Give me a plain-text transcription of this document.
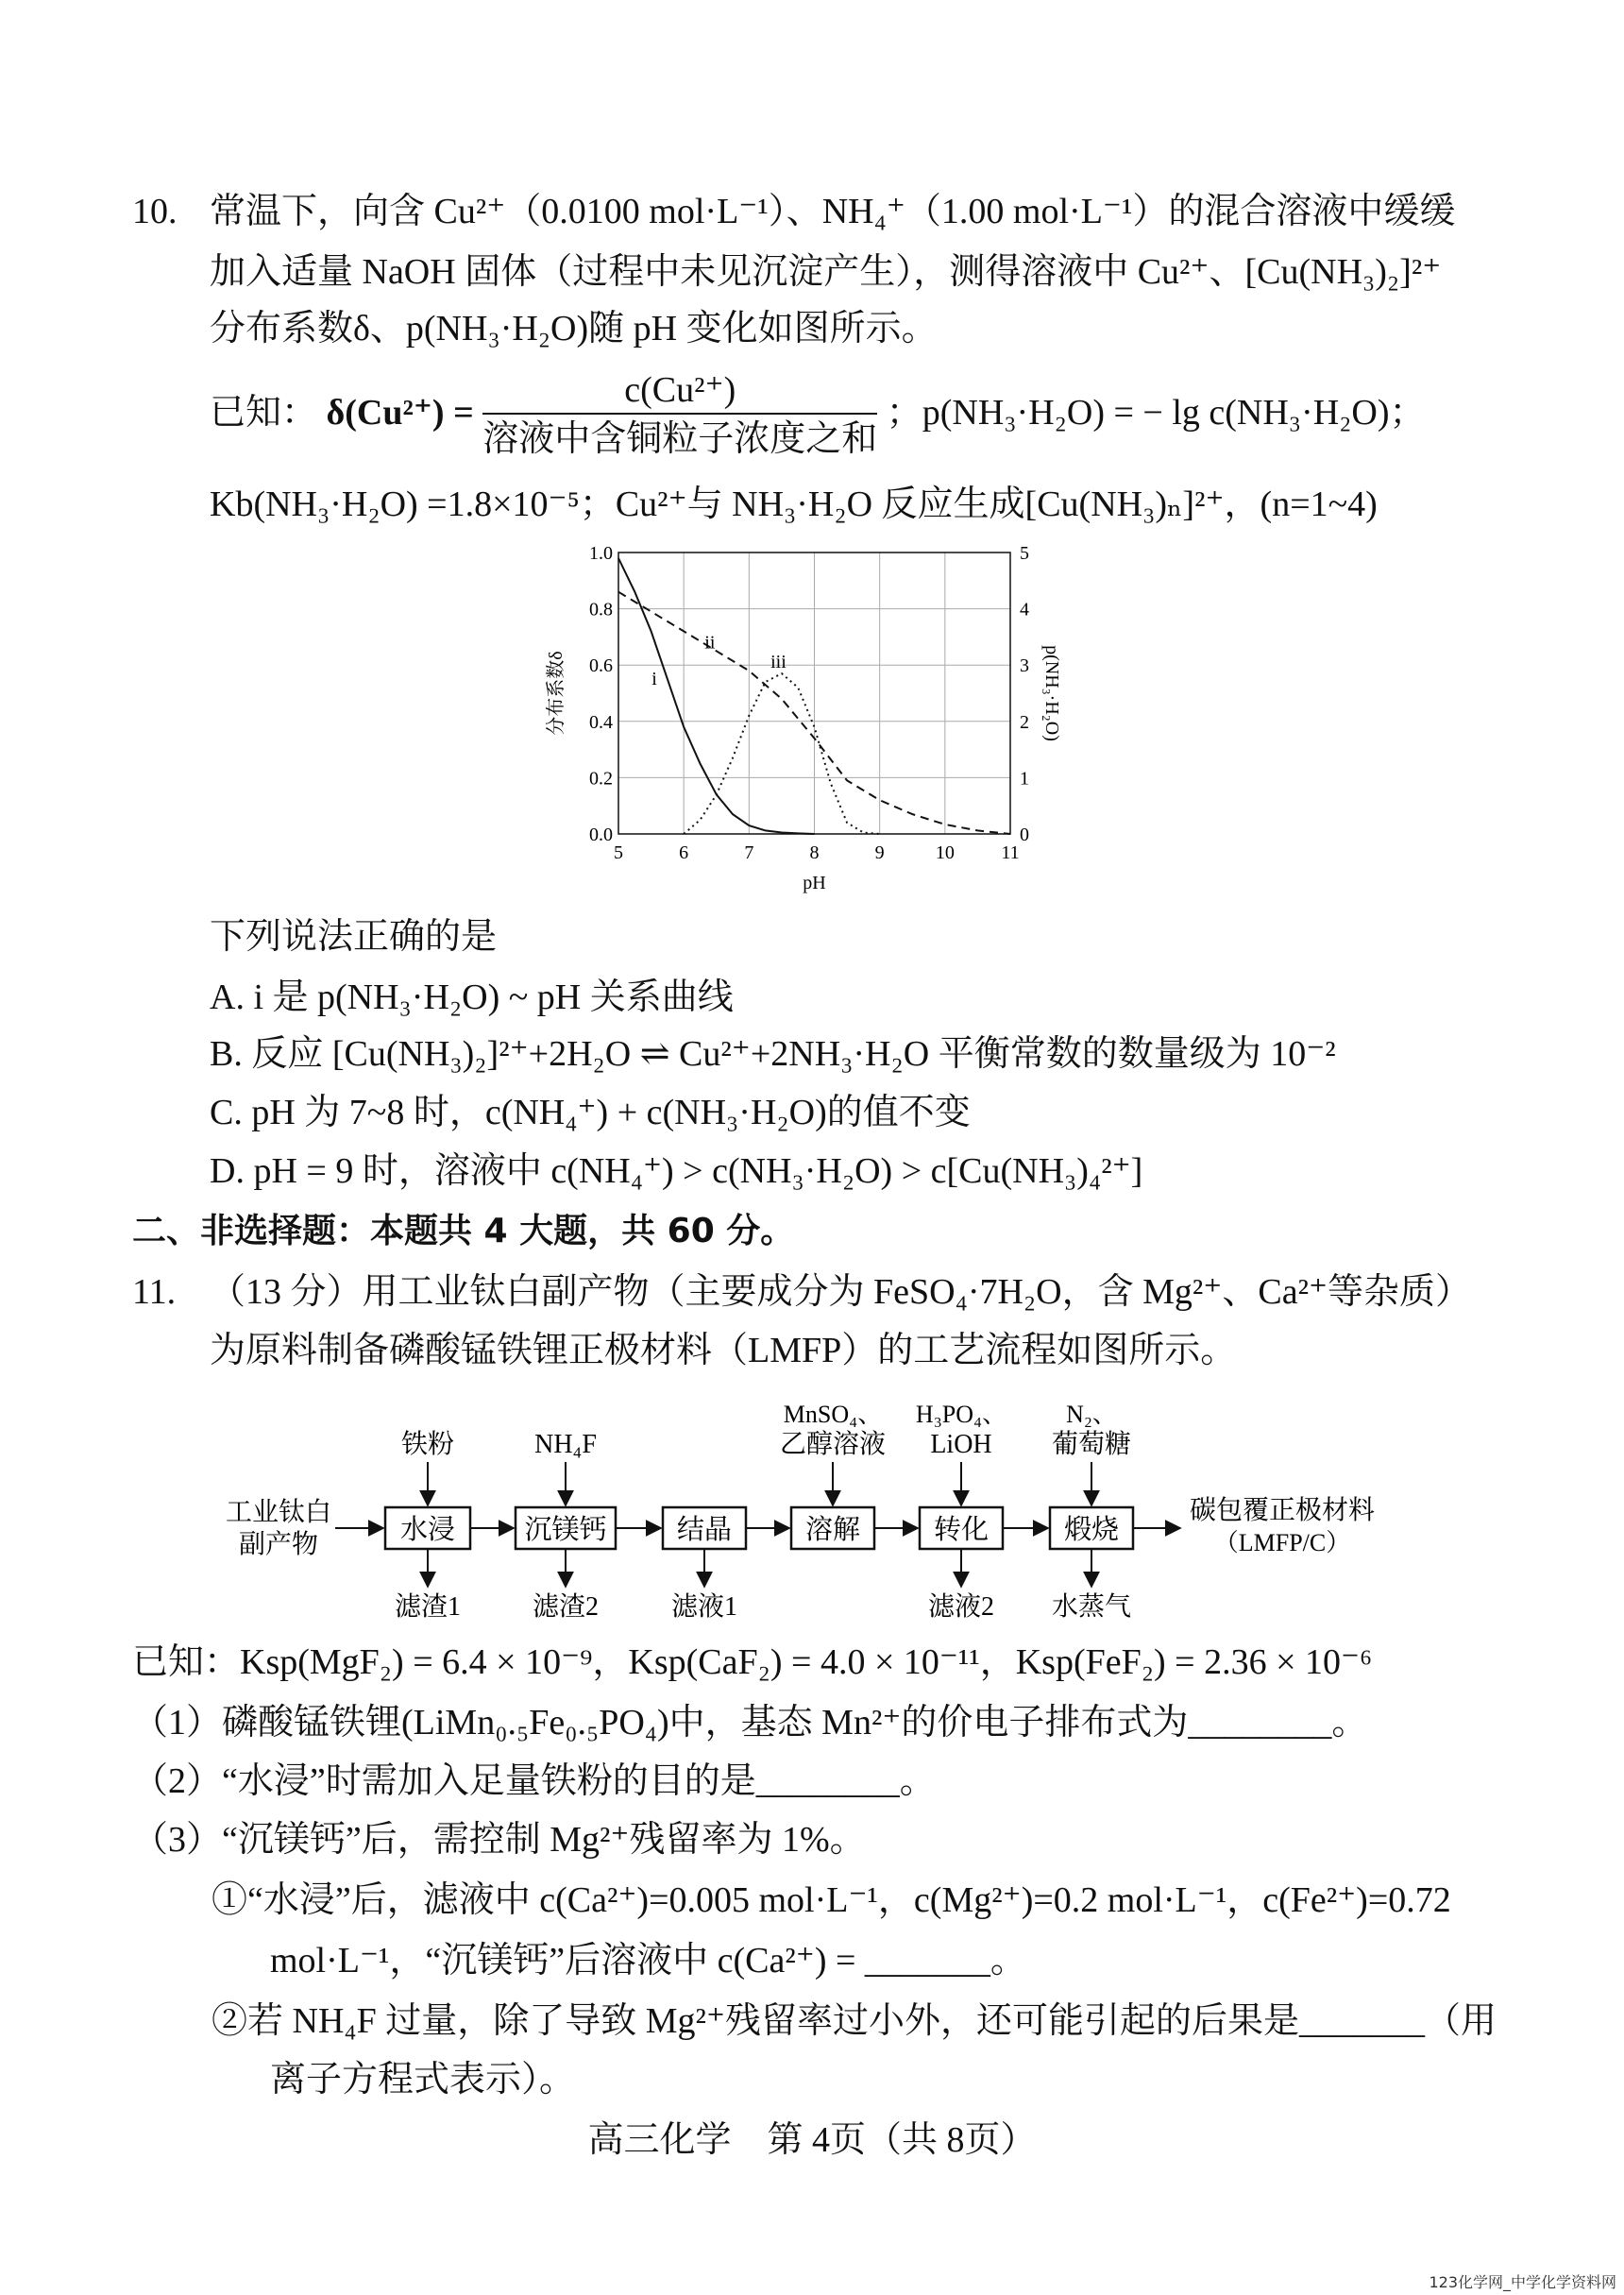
10. 常温下，向含 Cu²⁺（0.0100 mol·L⁻¹）、NH₄⁺（1.00 mol·L⁻¹）的混合溶液中缓缓
加入适量 NaOH 固体（过程中未见沉淀产生），测得溶液中 Cu²⁺、[Cu(NH₃)₂]²⁺
分布系数δ、p(NH₃·H₂O)随 pH 变化如图所示。
已知： $\delta(Cu^{2+}) = \frac{\text{c(Cu²⁺)}}{\text{溶液中含铜粒子浓度之和}}$ ；p(NH₃·H₂O) = − lg c(NH₃·H₂O)；
Kb(NH₃·H₂O) =1.8×10⁻⁵；Cu²⁺与 NH₃·H₂O 反应生成[Cu(NH₃)ₙ]²⁺，(n=1~4)
5	6	7	8	9	10 11
0.0
0.2
0.4
0.6
0.8
1.0
0
1
2
3
4
5
pH
分布系数δ	p(NH₃·H₂O)
i
ii
iii
下列说法正确的是
A. i 是 p(NH₃·H₂O) ~ pH 关系曲线
B. 反应 [Cu(NH₃)₂]²⁺+2H₂O ⇌ Cu²⁺+2NH₃·H₂O 平衡常数的数量级为 10⁻²
C. pH 为 7~8 时，c(NH₄⁺) + c(NH₃·H₂O)的值不变
D. pH = 9 时，溶液中 c(NH₄⁺) > c(NH₃·H₂O) > c[Cu(NH₃)₄²⁺]
二、非选择题：本题共 4 大题，共 60 分。
11. （13 分）用工业钛白副产物（主要成分为 FeSO₄·7H₂O，含 Mg²⁺、Ca²⁺等杂质）
为原料制备磷酸锰铁锂正极材料（LMFP）的工艺流程如图所示。
工业钛白
副产物	水浸	沉镁钙	结晶	溶解	转化	煅烧
碳包覆正极材料
（LMFP/C）
铁粉	NH₄F
MnSO₄、
乙醇溶液
H₃PO₄、
LiOH
N₂、
葡萄糖
滤渣1	滤渣2	滤液1	滤液2 水蒸气
已知：Ksp(MgF₂) = 6.4 × 10⁻⁹，Ksp(CaF₂) = 4.0 × 10⁻¹¹，Ksp(FeF₂) = 2.36 × 10⁻⁶
（1）磷酸锰铁锂(LiMn₀.₅Fe₀.₅PO₄)中，基态 Mn²⁺的价电子排布式为________。
（2）“水浸”时需加入足量铁粉的目的是________。
（3）“沉镁钙”后，需控制 Mg²⁺残留率为 1%。
①“水浸”后，滤液中 c(Ca²⁺)=0.005 mol·L⁻¹，c(Mg²⁺)=0.2 mol·L⁻¹，c(Fe²⁺)=0.72
mol·L⁻¹，“沉镁钙”后溶液中 c(Ca²⁺) = _______。
②若 NH₄F 过量，除了导致 Mg²⁺残留率过小外，还可能引起的后果是_______（用
离子方程式表示）。
高三化学　第 4页（共 8页）
123化学网_中学化学资料网
